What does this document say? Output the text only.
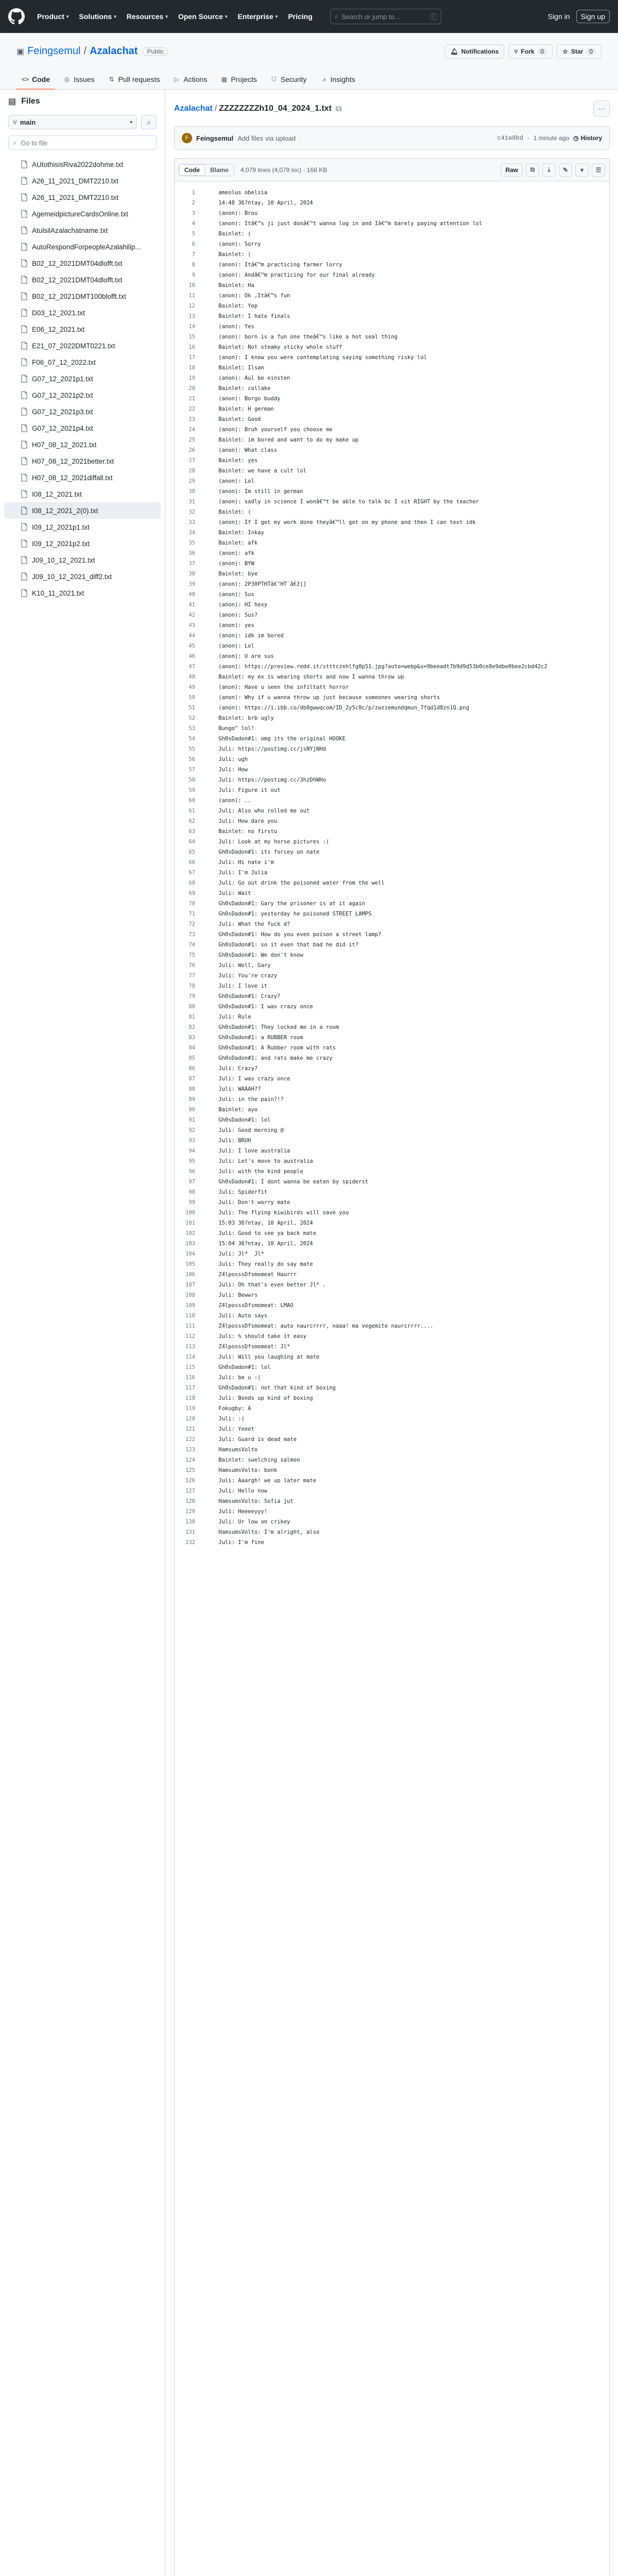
Product ▾ Solutions ▾ Resources ▾ Open Source ▾ Enterprise ▾ Pricing	⌕ Search or jump to...	/	Sign in	Sign up
▣ Feingsemul / Azalachat	Public	🔔︎ Notifications	⑂ Fork	0	☆ Star	0
<> Code ◎ Issues ⇅ Pull requests ▷ Actions ▦ Projects ⛉ Security	⩘ Insights
▤ Files
⑂ main	▾ ⌕
⌕ Go to file
AUtothisisRiva2022dohme.txt
A26_11_2021_DMT2210.txt
A26_11_2021_DMT2210.txt
AgemeidpictureCardsOnline.txt
AtulsilAzalachatname.txt
AutoRespondForpeopleAzalahilip...
B02_12_2021DMT04dlofft.txt
B02_12_2021DMT04dlofft.txt
B02_12_2021DMT100blofft.txt
D03_12_2021.txt
E06_12_2021.txt
E21_07_2022DMT0221.txt
F06_07_12_2022.txt
G07_12_2021p1.txt
G07_12_2021p2.txt
G07_12_2021p3.txt
G07_12_2021p4.txt
H07_08_12_2021.txt
H07_08_12_2021better.txt
H07_08_12_2021diffall.txt
I08_12_2021.txt
I08_12_2021_2(0).txt
I09_12_2021p1.txt
I09_12_2021p2.txt
J09_10_12_2021.txt
J09_10_12_2021_diff2.txt
K10_11_2021.txt
Azalachat / ZZZZZZZZh10_04_2024_1.txt ⧉	⋯
F	Feingsemul Add files via upload	c41a8bd · 1 minute ago ◷ History
Code	Blame	4,079 lines (4,079 loc) · 168 KB	Raw	⧉	⤓	✎	▾	☰
1	ameolus obelsia
2	14:48 Зб?ntay, 10 April, 2024
3	(anon): Brou
4	(anon): Itâ€™s ji just donâ€™t wanna log in and Iâ€™m barely paying attention lol
5	Bainlet: (
6	(anon): Sorry
7	Bainlet: (
8	(anon): Itâ€™m practicing farmer lorry
9	(anon): Andâ€™m practicing for our final already
10	Bainlet: Ha
11	(anon): Ok ,Itâ€™s fun
12	Bainlet: Yep
13	Bainlet: I hate finals
14	(anon): Yes
15	(anon): born is a fun one theâ€™s like a hot seal thing
16	Bainlet: Not steamy sticky whole stuff
17	(anon): I know you were contemplating saying something risky lol
18	Bainlet: Ilsan
19	(anon): Aul be einsten
20	Bainlet: collake
21	(anon): Borgo buddy
22	Bainlet: H german
23	Bainlet: Good
24	(anon): Bruh yourself you choose me
25	Bainlet: im bored and want to do my make up
26	(anon): What class
27	Bainlet: yes
28	Bainlet: we have a cult lol
29	(anon): Lol
30	(anon): Im still in german
31	(anon): sadly in science I wonâ€™t be able to talk bc I sit RIGHT by the teacher
32	Bainlet: (
33	(anon): If I get my work done theyâ€™ll get on my phone and then I can text idk
34	Bainlet: Inkay
35	Bainlet: afk
36	(anon): afk
37	(anon): BYW
38	Bainlet: bye
39	(anon): 2P30PTHTâ€°HT`â€ž[]
40	(anon): Sus
41	(anon): HI hexy
42	(anon): Sus?
43	(anon): yes
44	(anon): idk im bored
45	(anon): Lol
46	(anon): U are sus
47	(anon): https://preview.redd.it/stttczxhlfg0p51.jpg?auto=webp&s=9beeadt7b9d9d53b0ce8e9dbe0bee2cbd42c2
48	Bainlet: my ex is wearing shorts and now I wanna throw up
49	(anon): Have u seen the infiltatt horror
50	(anon): Why if u wanna throw up just because someones wearing shorts
51	(anon): https://i.ibb.co/db0gwwqcom/ID_2y5c8c/p/zwzzemundqmun_7fqd1d8zn1Q.png
52	Bainlet: brb ugly
53	Bungo^ lol!
54	Gh0sDadon#1: omg its the original HOOKE
55	Juli: https://postimg.cc/jsNYjNHd
56	Juli: ugh
57	Juli: How
58	Juli: https://postimg.cc/3hzDhWHo
59	Juli: Figure it out
60	(anon): ..
61	Juli: Also who rolled me out
62	Juli: How dare you
63	Bainlet: no firstu
64	Juli: Look at my horse pictures :(
65	Gh0sDadon#1: its forcey on nate
66	Juli: Hi nate i'm
67	Juli: I'm Julia
68	Juli: Go out drink the poisoned water from the well
69	Juli: Wait
70	Gh0sDadon#1: Gary the prisoner is at it again
71	Gh0sDadon#1: yesterday he poisoned STREET LAMPS
72	Juli: What the fuck d?
73	Gh0sDadon#1: How do you even poison a street lamp?
74	Gh0sDadon#1: so it even that bad he did it?
75	Gh0sDadon#1: We don't know
76	Juli: Well, Gary
77	Juli: You're crazy
78	Juli: I love it
79	Gh0sDadon#1: Crazy?
80	Gh0sDadon#1: I was crazy once
81	Juli: Rule
82	Gh0sDadon#1: They locked me in a room
83	Gh0sDadon#1: a RUBBER room
84	Gh0sDadon#1: A Rubber room with rats
85	Gh0sDadon#1: and rats make me crazy
86	Juli: Crazy?
87	Juli: I was crazy once
88	Juli: WAAAH??
89	Juli: in the pain?!?
90	Bainlet: ayo
91	Gh0sDadon#1: lol
92	Juli: Good morning @
93	Juli: BRUH
94	Juli: I love australia
95	Juli: Let's move to australia
96	Juli: with the kind people
97	Gh0sDadon#1: I dont wanna be eaten by spiderst
98	Juli: Spiderfit
99	Juli: Don't worry mate
100	Juli: The flying kiwibirds will save you
101	15:03 Зб?ntay, 10 April, 2024
102	Juli: Good to see ya back mate
103	15:04 Зб?ntay, 10 April, 2024
104	Juli: Jl*  Jl*
105	Juli: They really do say mate
106	Z4lposssDfsmomeat Haurrr
107	Juli: Oh that's even better Jl* .
108	Juli: Bewwrs
109	Z4lposssDfsmomeat: LMAO
110	Juli: Auto says
111	Z4lposssDfsmomeat: auto naurcrrrr, naaa! ma vegemite naurcrrrr....
112	Juli: % should take it easy
113	Z4lposssDfsmomeat: Jl*
114	Juli: Will you laughing at mate
115	Gh0sDadon#1: lol
116	Juli: be u :(
117	Gh0sDadon#1: not that kind of boxing
118	Juli: Bonds up kind of boxing
119	Fokugby: A
120	Juli: :(
121	Juli: Yeeet
122	Juli: Guard is dead mate
123	HamsumsVolto
124	Bainlet: swelching salmon
125	HamsumsVolto: bonk
126	Juli: Aaargh! we up later mate
127	Juli: Hello now
128	HamsumsVolto: Sofia jut
129	Juli: Heeeeyyy!
130	Juli: Ur low on crikey
131	HamsumsVolto: I'm alright, also
132	Juli: I'm fine
